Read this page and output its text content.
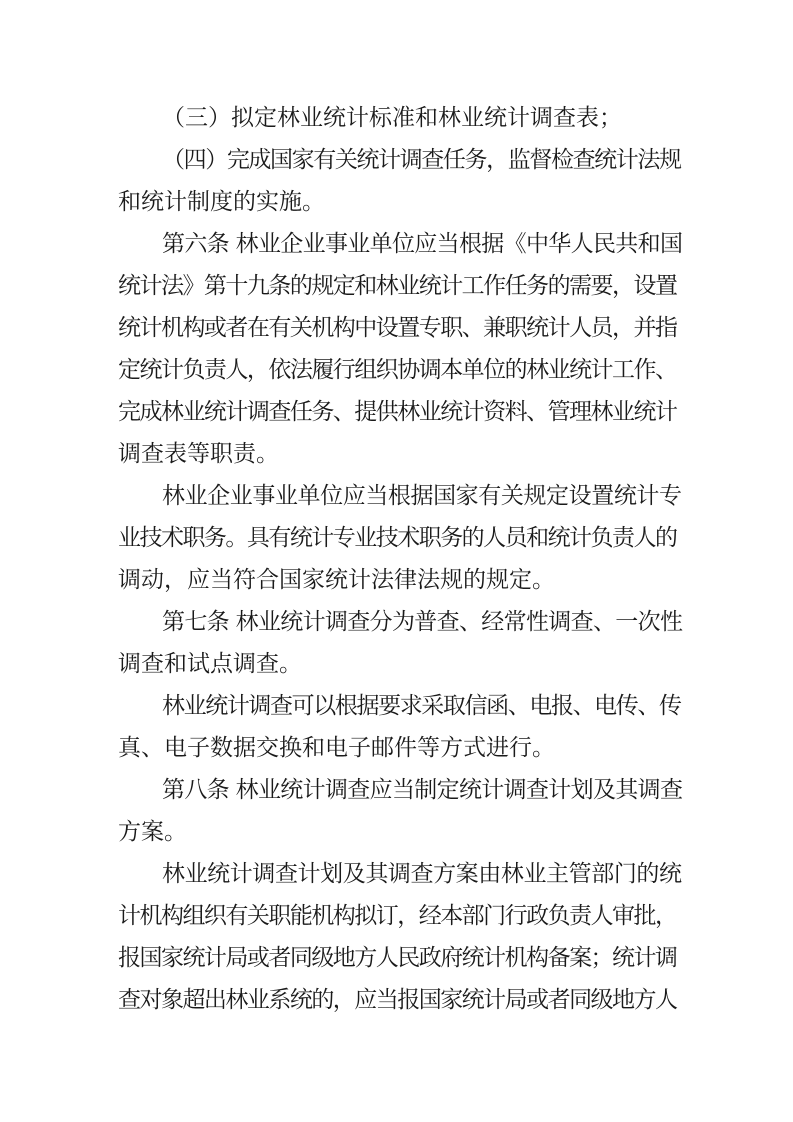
（三）拟定林业统计标准和林业统计调查表；
（四）完成国家有关统计调查任务，监督检查统计法规
和统计制度的实施。
第六条 林业企业事业单位应当根据《中华人民共和国
统计法》第十九条的规定和林业统计工作任务的需要，设置
统计机构或者在有关机构中设置专职、兼职统计人员，并指
定统计负责人，依法履行组织协调本单位的林业统计工作、
完成林业统计调查任务、提供林业统计资料、管理林业统计
调查表等职责。
林业企业事业单位应当根据国家有关规定设置统计专
业技术职务。具有统计专业技术职务的人员和统计负责人的
调动，应当符合国家统计法律法规的规定。
第七条 林业统计调查分为普查、经常性调查、一次性
调查和试点调查。
林业统计调查可以根据要求采取信函、电报、电传、传
真、电子数据交换和电子邮件等方式进行。
第八条 林业统计调查应当制定统计调查计划及其调查
方案。
林业统计调查计划及其调查方案由林业主管部门的统
计机构组织有关职能机构拟订，经本部门行政负责人审批，
报国家统计局或者同级地方人民政府统计机构备案；统计调
查对象超出林业系统的，应当报国家统计局或者同级地方人
